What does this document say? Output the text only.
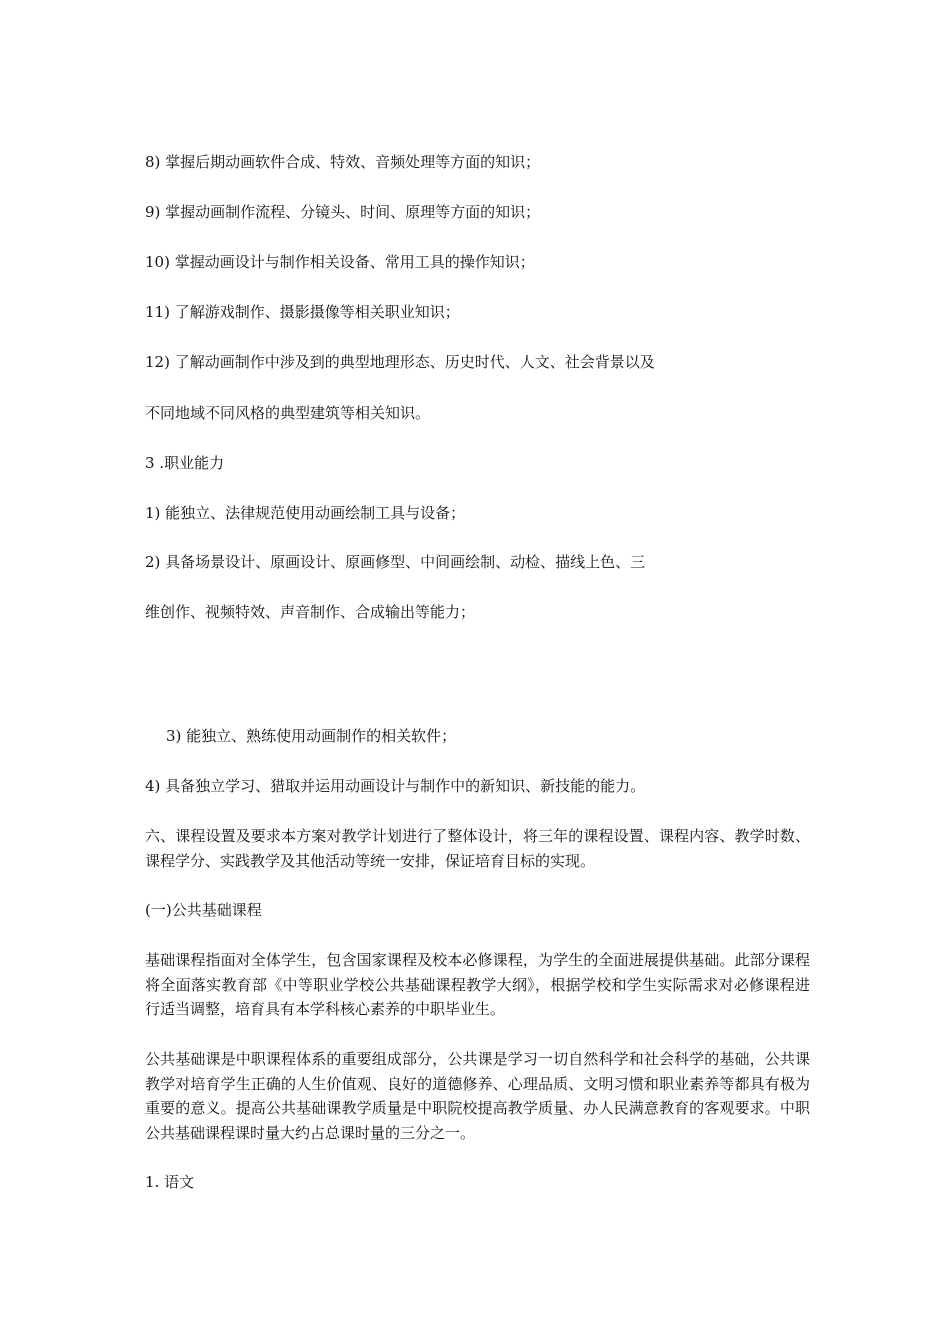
8) 掌握后期动画软件合成、特效、音频处理等方面的知识；
9) 掌握动画制作流程、分镜头、时间、原理等方面的知识；
10) 掌握动画设计与制作相关设备、常用工具的操作知识；
11) 了解游戏制作、摄影摄像等相关职业知识；
12) 了解动画制作中涉及到的典型地理形态、历史时代、人文、社会背景以及
不同地域不同风格的典型建筑等相关知识。
3 .职业能力
1) 能独立、法律规范使用动画绘制工具与设备；
2) 具备场景设计、原画设计、原画修型、中间画绘制、动检、描线上色、三
维创作、视频特效、声音制作、合成输出等能力；
3) 能独立、熟练使用动画制作的相关软件；
4) 具备独立学习、猎取并运用动画设计与制作中的新知识、新技能的能力。
六、课程设置及要求本方案对教学计划进行了整体设计，将三年的课程设置、课程内容、教学时数、课程学分、实践教学及其他活动等统一安排，保证培育目标的实现。
(一)公共基础课程
基础课程指面对全体学生，包含国家课程及校本必修课程，为学生的全面进展提供基础。此部分课程将全面落实教育部《中等职业学校公共基础课程教学大纲》，根据学校和学生实际需求对必修课程进行适当调整，培育具有本学科核心素养的中职毕业生。
公共基础课是中职课程体系的重要组成部分，公共课是学习一切自然科学和社会科学的基础，公共课教学对培育学生正确的人生价值观、良好的道德修养、心理品质、文明习惯和职业素养等都具有极为重要的意义。提高公共基础课教学质量是中职院校提高教学质量、办人民满意教育的客观要求。中职公共基础课程课时量大约占总课时量的三分之一。
1. 语文
